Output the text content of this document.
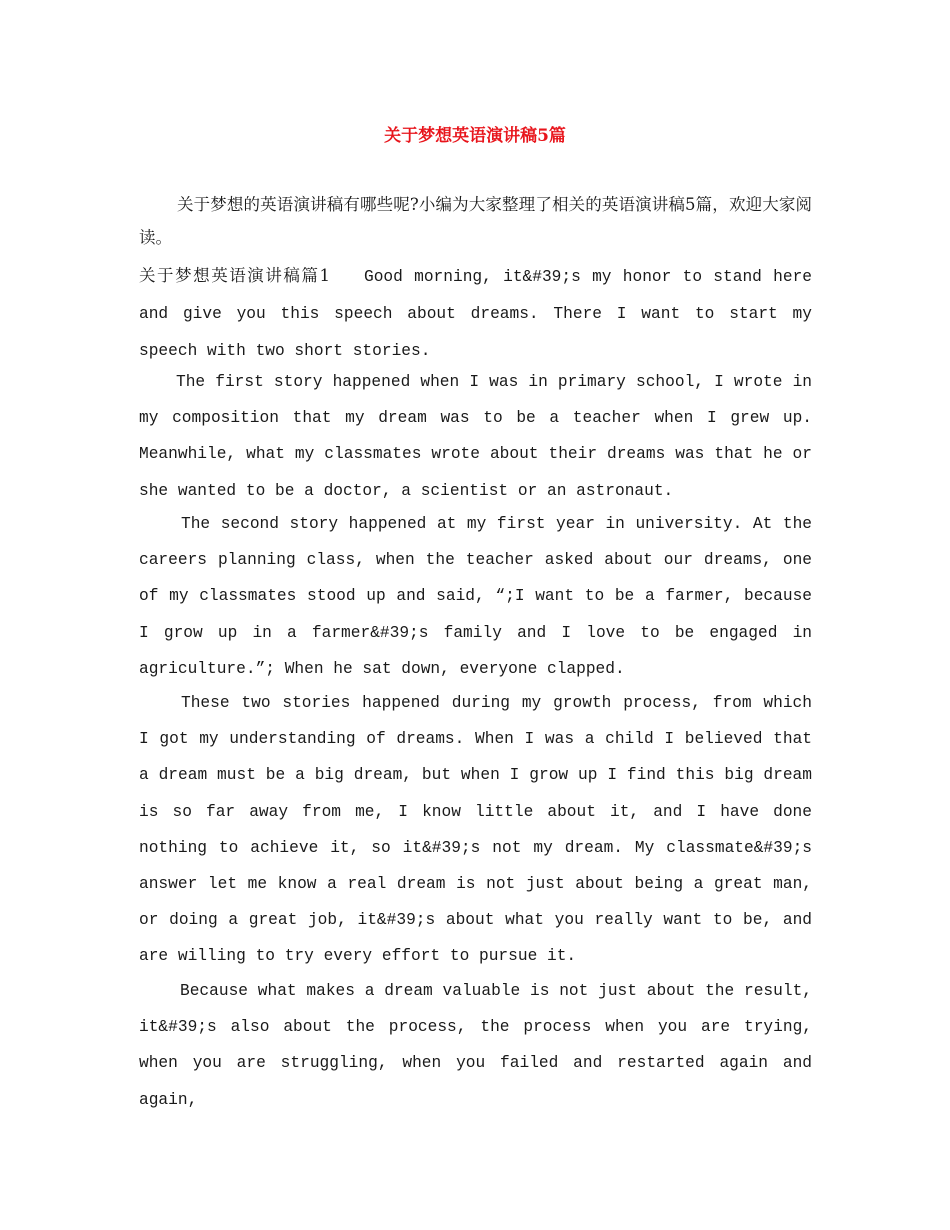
关于梦想英语演讲稿5篇

关于梦想的英语演讲稿有哪些呢?小编为大家整理了相关的英语演讲稿5篇，欢迎大家阅读。

关于梦想英语演讲稿篇1 Good morning, it&#39;s my honor to stand here and give you this speech about dreams. There I want to start my speech with two short stories.

The first story happened when I was in primary school, I wrote in my composition that my dream was to be a teacher when I grew up. Meanwhile, what my classmates wrote about their dreams was that he or she wanted to be a doctor, a scientist or an astronaut.

The second story happened at my first year in university. At the careers planning class, when the teacher asked about our dreams, one of my classmates stood up and said, “;I want to be a farmer, because I grow up in a farmer&#39;s family and I love to be engaged in agriculture.”; When he sat down, everyone clapped.

These two stories happened during my growth process, from which I got my understanding of dreams. When I was a child I believed that a dream must be a big dream, but when I grow up I find this big dream is so far away from me, I know little about it, and I have done nothing to achieve it, so it&#39;s not my dream. My classmate&#39;s answer let me know a real dream is not just about being a great man, or doing a great job, it&#39;s about what you really want to be, and are willing to try every effort to pursue it.

Because what makes a dream valuable is not just about the result, it&#39;s also about the process, the process when you are trying, when you are struggling, when you failed and restarted again and again,
